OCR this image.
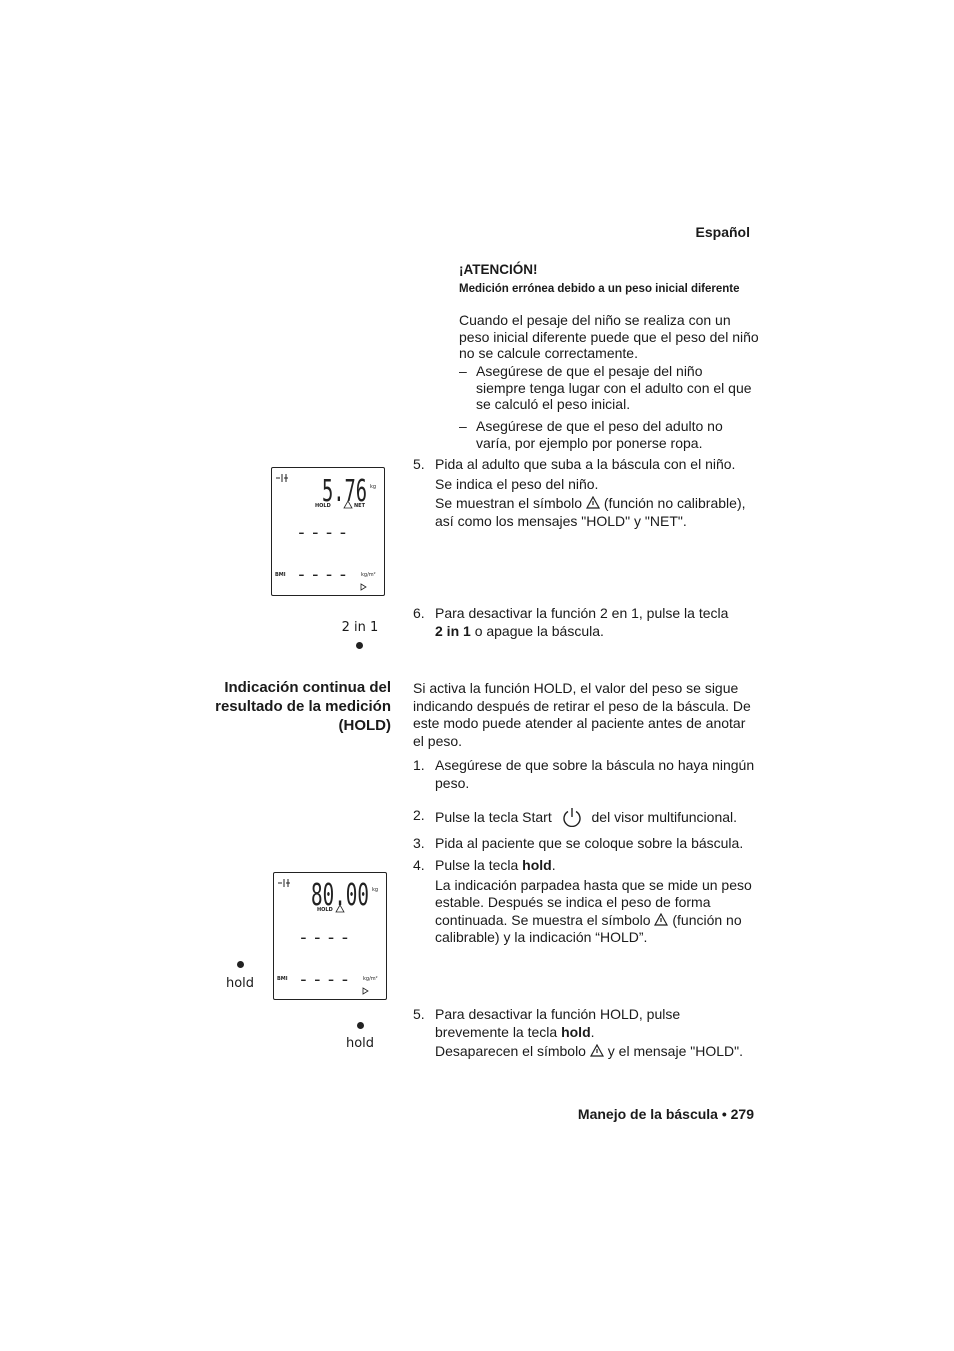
Español
¡ATENCIÓN!
Medición errónea debido a un peso inicial diferente
Cuando el pesaje del niño se realiza con un peso inicial diferente puede que el peso del niño no se calcule correctamente.
– Asegúrese de que el pesaje del niño siempre tenga lugar con el adulto con el que se calculó el peso inicial.
– Asegúrese de que el peso del adulto no varía, por ejemplo por ponerse ropa.
5.76 kg
HOLD	NET
----
BMI ---- kg/m²
5. Pida al adulto que suba a la báscula con el niño.
Se indica el peso del niño.
Se muestran el símbolo (función no calibrable), así como los mensajes "HOLD" y "NET".
6. Para desactivar la función 2 en 1, pulse la tecla
2 in 1 o apague la báscula.
2 in 1
Indicación continua del resultado de la medición (HOLD)
Si activa la función HOLD, el valor del peso se sigue indicando después de retirar el peso de la báscula. De este modo puede atender al paciente antes de anotar el peso.
1. Asegúrese de que sobre la báscula no haya ningún peso.
2. Pulse la tecla Start	del visor multifuncional.
3. Pida al paciente que se coloque sobre la báscula.
4. Pulse la tecla hold.
La indicación parpadea hasta que se mide un peso estable. Después se indica el peso de forma continuada. Se muestra el símbolo (función no calibrable) y la indicación “HOLD”.
80.00 kg
HOLD
----
BMI ---- kg/m²
hold
5. Para desactivar la función HOLD, pulse brevemente la tecla hold.
Desaparecen el símbolo y el mensaje "HOLD".
hold
Manejo de la báscula • 279
